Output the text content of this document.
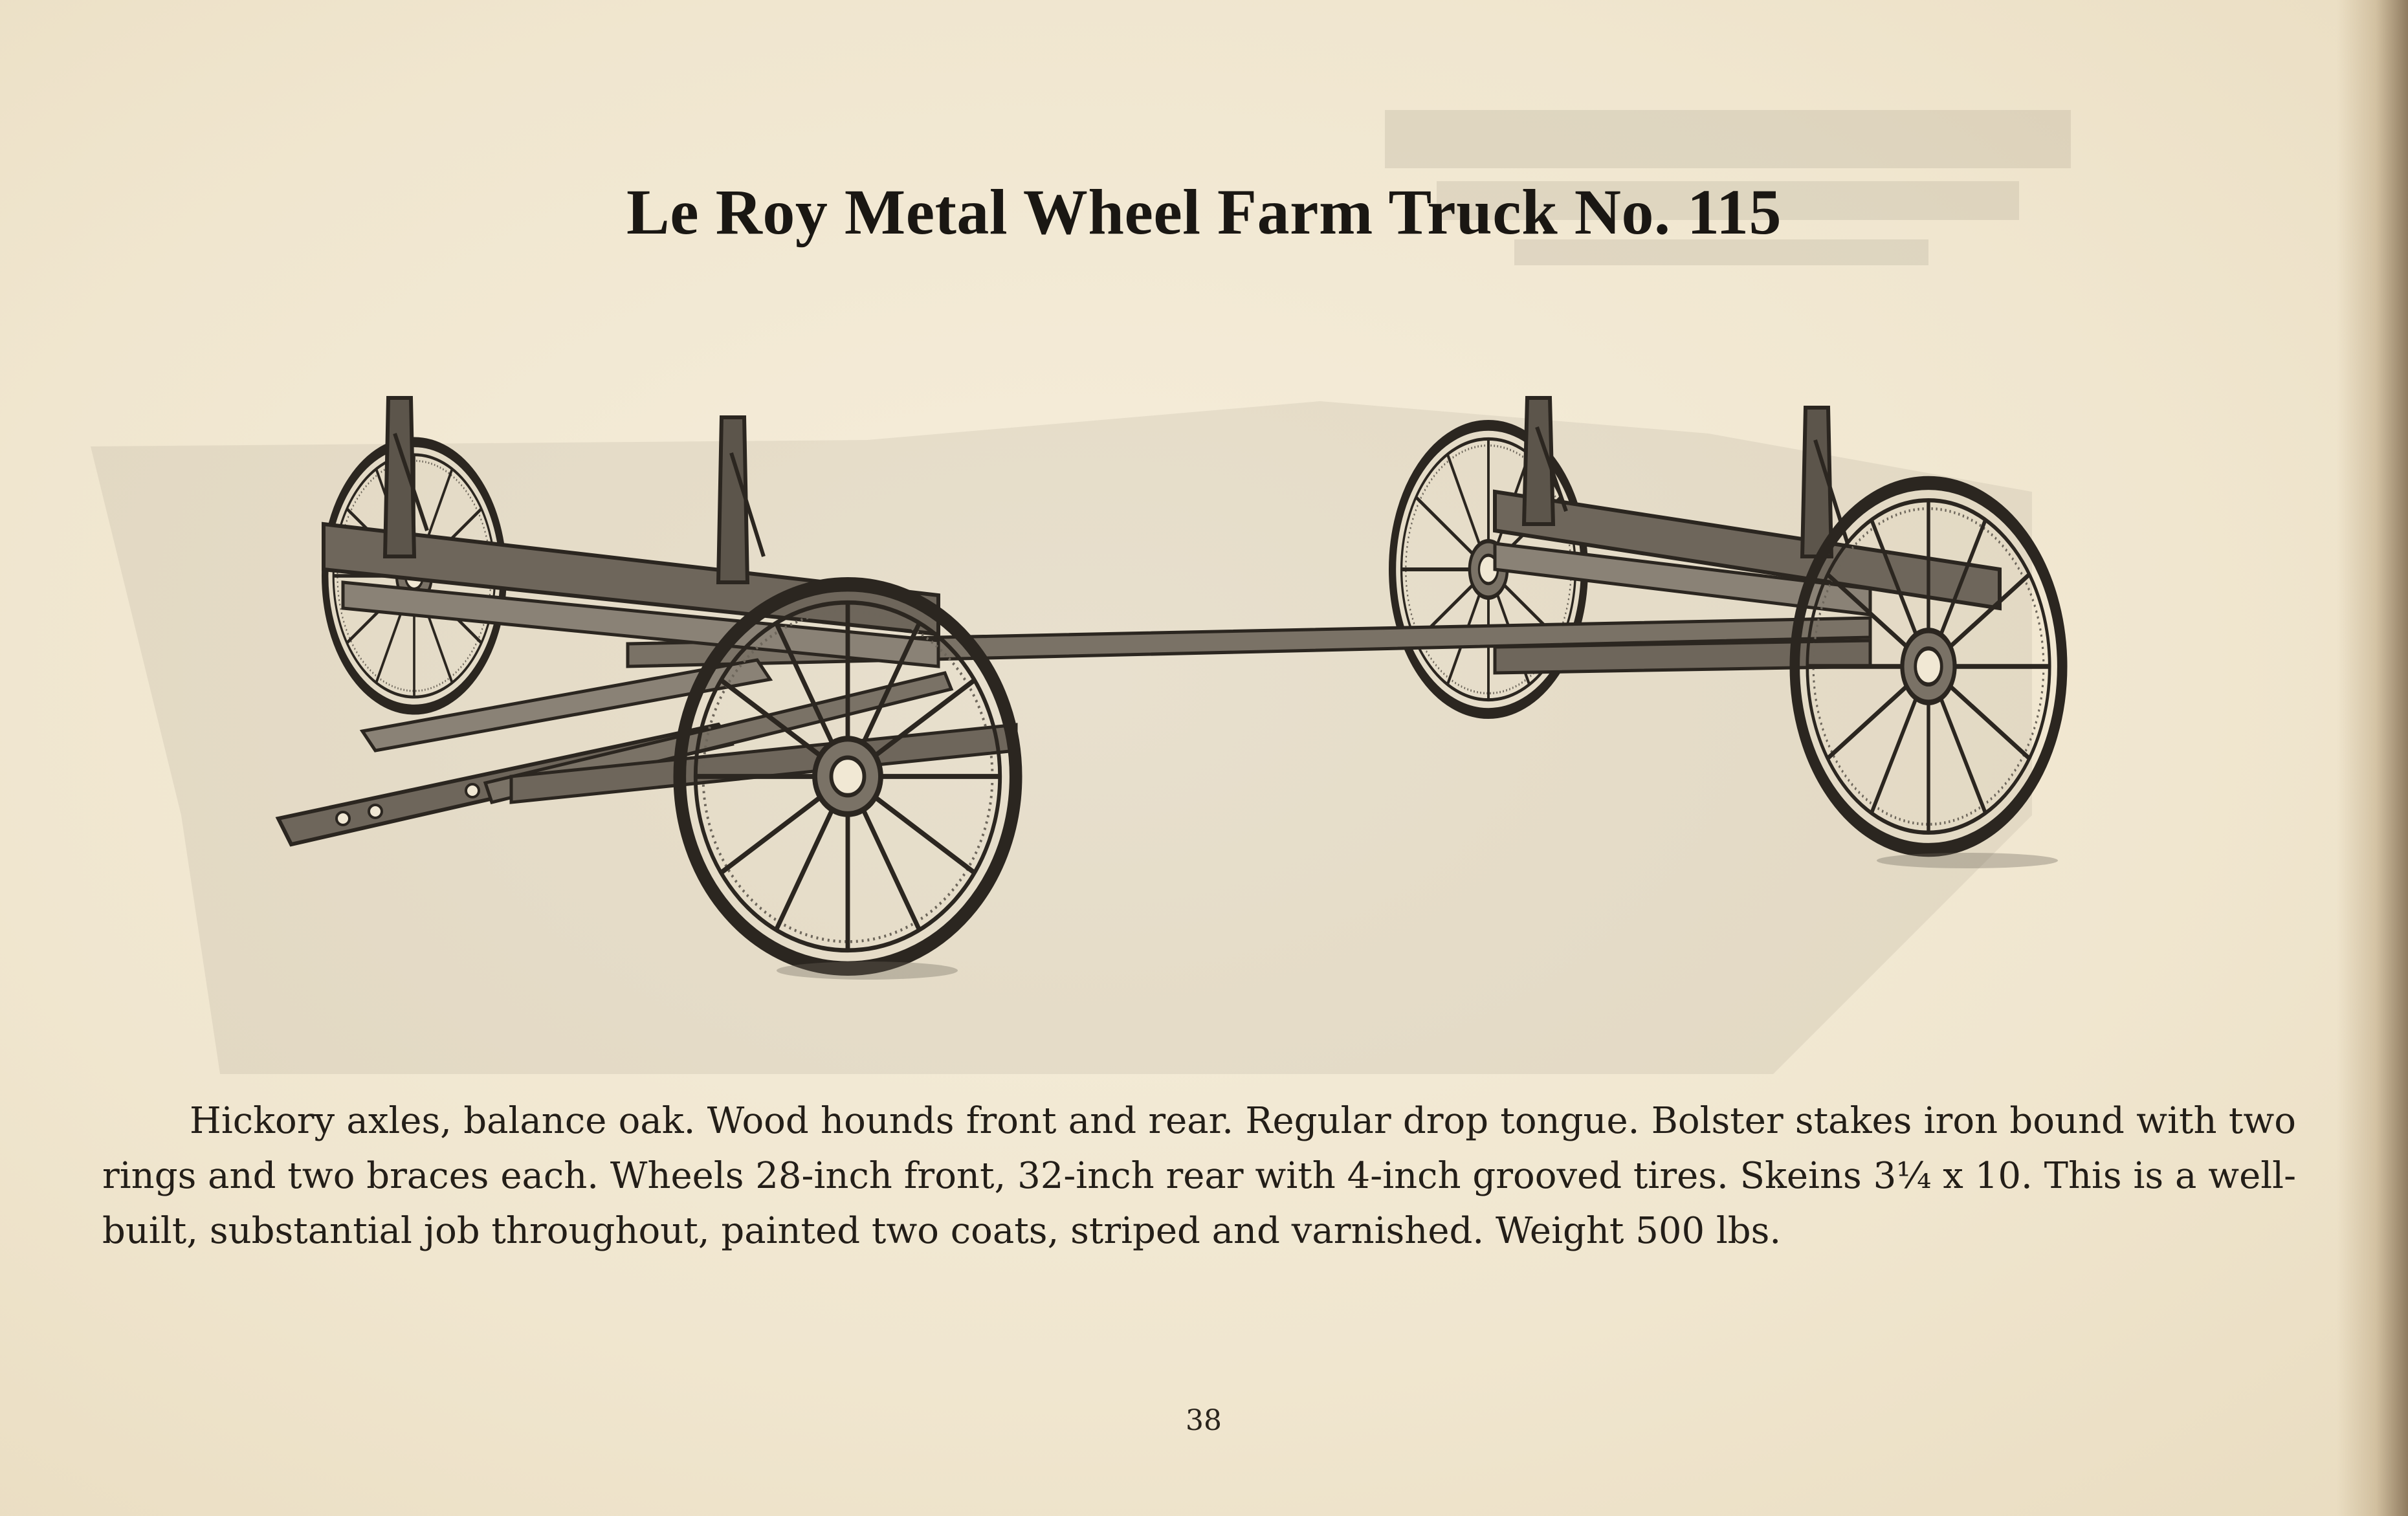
Le Roy Metal Wheel Farm Truck No. 115
Hickory axles, balance oak. Wood hounds front and rear. Regular drop tongue. Bolster stakes iron bound with two rings and two braces each. Wheels 28-inch front, 32-inch rear with 4-inch grooved tires. Skeins 3¼ x 10. This is a well-built, substantial job throughout, painted two coats, striped and varnished. Weight 500 lbs.
38
